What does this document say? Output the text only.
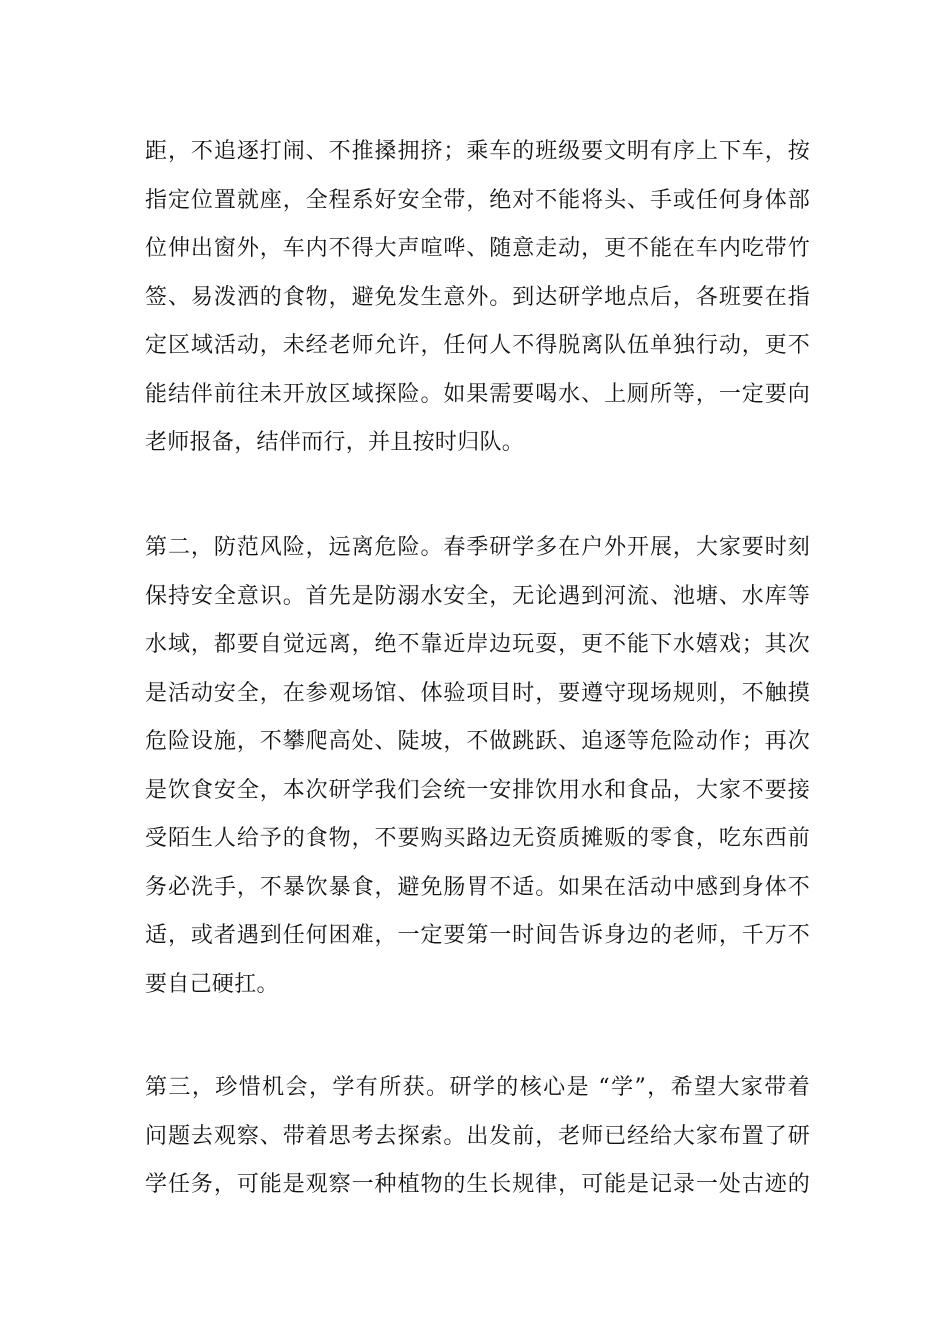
距，不追逐打闹、不推搡拥挤；乘车的班级要文明有序上下车，按
指定位置就座，全程系好安全带，绝对不能将头、手或任何身体部
位伸出窗外，车内不得大声喧哗、随意走动，更不能在车内吃带竹
签、易泼洒的食物，避免发生意外。到达研学地点后，各班要在指
定区域活动，未经老师允许，任何人不得脱离队伍单独行动，更不
能结伴前往未开放区域探险。如果需要喝水、上厕所等，一定要向
老师报备，结伴而行，并且按时归队。

第二，防范风险，远离危险。春季研学多在户外开展，大家要时刻
保持安全意识。首先是防溺水安全，无论遇到河流、池塘、水库等
水域，都要自觉远离，绝不靠近岸边玩耍，更不能下水嬉戏；其次
是活动安全，在参观场馆、体验项目时，要遵守现场规则，不触摸
危险设施，不攀爬高处、陡坡，不做跳跃、追逐等危险动作；再次
是饮食安全，本次研学我们会统一安排饮用水和食品，大家不要接
受陌生人给予的食物，不要购买路边无资质摊贩的零食，吃东西前
务必洗手，不暴饮暴食，避免肠胃不适。如果在活动中感到身体不
适，或者遇到任何困难，一定要第一时间告诉身边的老师，千万不
要自己硬扛。

第三，珍惜机会，学有所获。研学的核心是 “学”，希望大家带着
问题去观察、带着思考去探索。出发前，老师已经给大家布置了研
学任务，可能是观察一种植物的生长规律，可能是记录一处古迹的
